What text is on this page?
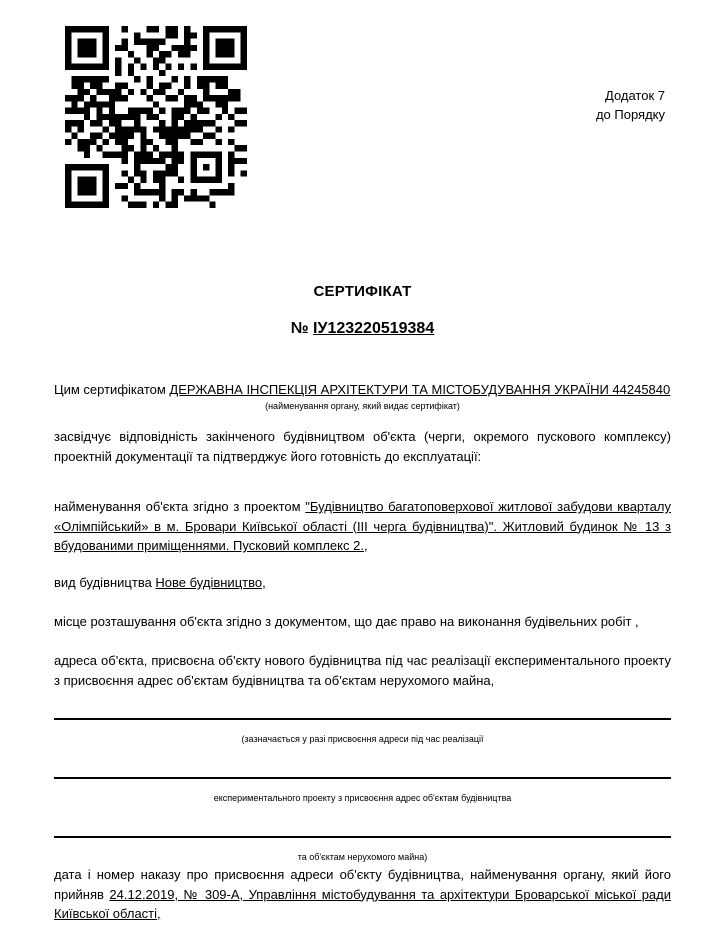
Додаток 7
до Порядку
СЕРТИФІКАТ
№ ІУ123220519384
Цим сертифікатом ДЕРЖАВНА ІНСПЕКЦІЯ АРХІТЕКТУРИ ТА МІСТОБУДУВАННЯ УКРАЇНИ 44245840
(найменування органу, який видає сертифікат)
засвідчує відповідність закінченого будівництвом об'єкта (черги, окремого пускового комплексу) проектній документації та підтверджує його готовність до експлуатації:
найменування об'єкта згідно з проектом "Будівництво багатоповерхової житлової забудови кварталу «Олімпійський» в м. Бровари Київської області (III черга будівництва)". Житловий будинок № 13 з вбудованими приміщеннями. Пусковий комплекс 2.,
вид будівництва Нове будівництво,
місце розташування об'єкта згідно з документом, що дає право на виконання будівельних робіт ,
адреса об'єкта, присвоєна об'єкту нового будівництва під час реалізації експериментального проекту з присвоєння адрес об'єктам будівництва та об'єктам нерухомого майна,
(зазначається у разі присвоєння адреси під час реалізації
експериментального проекту з присвоєння адрес об'єктам будівництва
та об'єктам нерухомого майна)
дата і номер наказу про присвоєння адреси об'єкту будівництва, найменування органу, який його прийняв 24.12.2019, № 309-А, Управління містобудування та архітектури Броварської міської ради Київської області,
